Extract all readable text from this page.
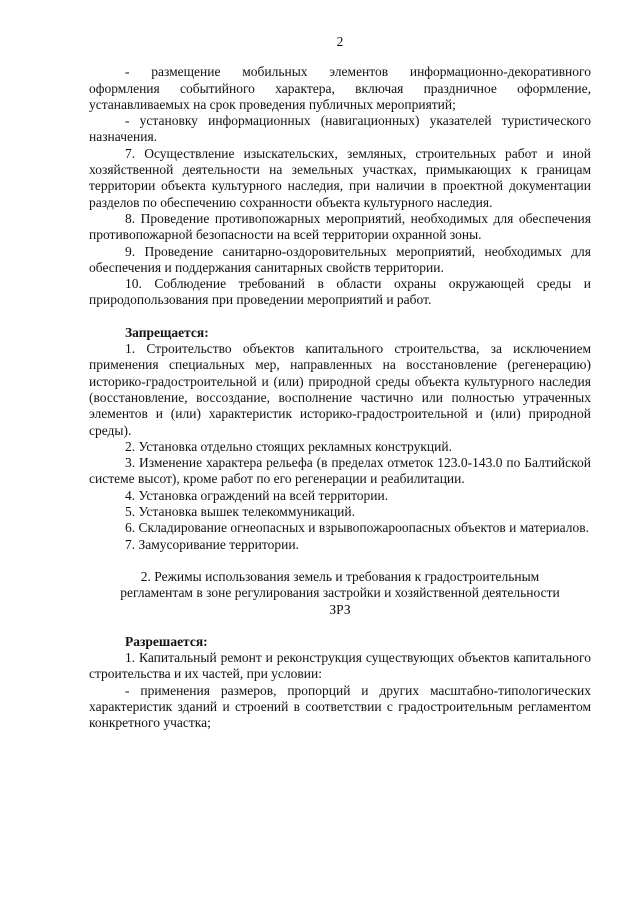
2

- размещение мобильных элементов информационно-декоративного оформления событийного характера, включая праздничное оформление, устанавливаемых на срок проведения публичных мероприятий;

- установку информационных (навигационных) указателей туристического назначения.

7. Осуществление изыскательских, земляных, строительных работ и иной хозяйственной деятельности на земельных участках, примыкающих к границам территории объекта культурного наследия, при наличии в проектной документации разделов по обеспечению сохранности объекта культурного наследия.

8. Проведение противопожарных мероприятий, необходимых для обеспечения противопожарной безопасности на всей территории охранной зоны.

9. Проведение санитарно-оздоровительных мероприятий, необходимых для обеспечения и поддержания санитарных свойств территории.

10. Соблюдение требований в области охраны окружающей среды и природопользования при проведении мероприятий и работ.

Запрещается:

1. Строительство объектов капитального строительства, за исключением применения специальных мер, направленных на восстановление (регенерацию) историко-градостроительной и (или) природной среды объекта культурного наследия (восстановление, воссоздание, восполнение частично или полностью утраченных элементов и (или) характеристик историко-градостроительной и (или) природной среды).

2. Установка отдельно стоящих рекламных конструкций.

3. Изменение характера рельефа (в пределах отметок 123.0-143.0 по Балтийской системе высот), кроме работ по его регенерации и реабилитации.

4. Установка ограждений на всей территории.

5. Установка вышек телекоммуникаций.

6. Складирование огнеопасных и взрывопожароопасных объектов и материалов.

7. Замусоривание территории.

2. Режимы использования земель и требования к градостроительным
регламентам в зоне регулирования застройки и хозяйственной деятельности
ЗРЗ
Разрешается:

1. Капитальный ремонт и реконструкция существующих объектов капитального строительства и их частей, при условии:

- применения размеров, пропорций и других масштабно-типологических характеристик зданий и строений в соответствии с градостроительным регламентом конкретного участка;
